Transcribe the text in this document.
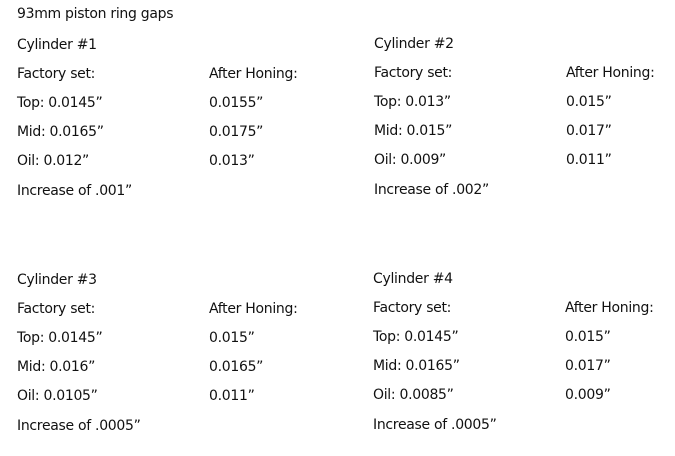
93mm piston ring gaps
Cylinder #1
Factory set:	After Honing:
Top: 0.0145”	0.0155”
Mid: 0.0165”	0.0175”
Oil: 0.012”	0.013”
Increase of .001”
Cylinder #2
Factory set:	After Honing:
Top: 0.013”	0.015”
Mid: 0.015”	0.017”
Oil: 0.009”	0.011”
Increase of .002”
Cylinder #3
Factory set:	After Honing:
Top: 0.0145”	0.015”
Mid: 0.016”	0.0165”
Oil: 0.0105”	0.011”
Increase of .0005”
Cylinder #4
Factory set:	After Honing:
Top: 0.0145”	0.015”
Mid: 0.0165”	0.017”
Oil: 0.0085”	0.009”
Increase of .0005”
